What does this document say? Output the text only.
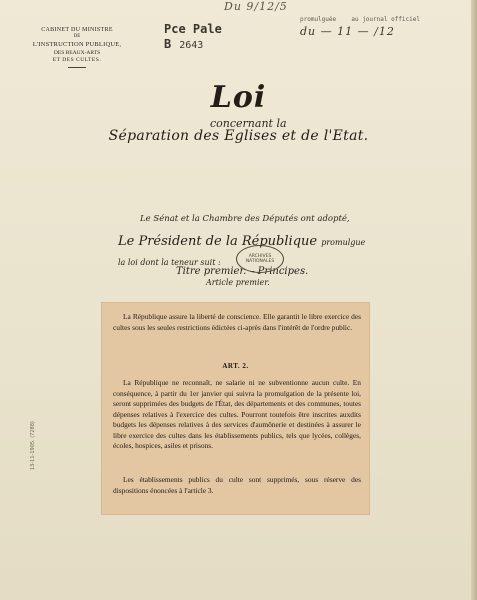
Du 9/12/5
CABINET DU MINISTRE
DE
L'INSTRUCTION PUBLIQUE,
DES BEAUX-ARTS
ET DES CULTES.
Pce Pale
B 2643
promulguée	au journal officiel
du — 11 — /12
Loi
concernant la
Séparation des Eglises et de l'Etat.
Le Sénat et la Chambre des Députés ont adopté,
Le Président de la République promulgue
la loi dont la teneur suit :
Titre premier. – Principes.
Article premier.
ARCHIVES
NATIONALES
La République assure la liberté de conscience. Elle garantit le libre exercice des cultes sous les seules restrictions édictées ci-après dans l'intérêt de l'ordre public.
ART. 2.
La République ne reconnaît, ne salarie ni ne subventionne aucun culte. En conséquence, à partir du 1er janvier qui suivra la promulgation de la présente loi, seront supprimées des budgets de l'État, des départements et des communes, toutes dépenses relatives à l'exercice des cultes. Pourront toutefois être inscrites auxdits budgets les dépenses relatives à des services d'aumônerie et destinées à assurer le libre exercice des cultes dans les établissements publics, tels que lycées, collèges, écoles, hospices, asiles et prisons.
Les établissements publics du culte sont supprimés, sous réserve des dispositions énoncées à l'article 3.
13-11-1905. (7288)
